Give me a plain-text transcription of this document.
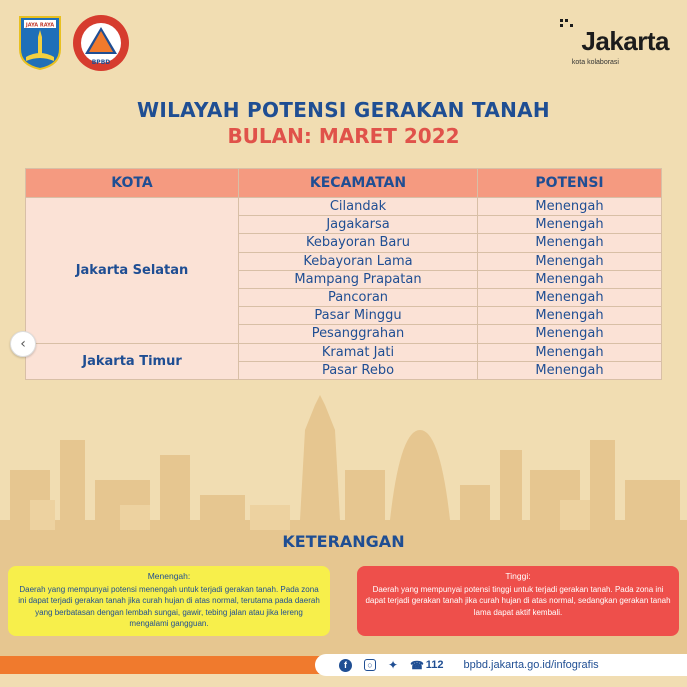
JAYA RAYA
BPBD
Jakarta
kota kolaborasi
WILAYAH POTENSI GERAKAN TANAH
BULAN: MARET 2022
KOTA	KECAMATAN	POTENSI
Jakarta Selatan	Cilandak	Menengah
	Jagakarsa	Menengah
	Kebayoran Baru	Menengah
	Kebayoran Lama	Menengah
	Mampang Prapatan	Menengah
	Pancoran	Menengah
	Pasar Minggu	Menengah
	Pesanggrahan	Menengah
Jakarta Timur	Kramat Jati	Menengah
	Pasar Rebo	Menengah
‹
KETERANGAN
Menengah:
Daerah yang mempunyai potensi menengah untuk terjadi gerakan tanah. Pada zona ini dapat terjadi gerakan tanah jika curah hujan di atas normal, terutama pada daerah yang berbatasan dengan lembah sungai, gawir, tebing jalan atau jika lereng mengalami gangguan.
Tinggi:
Daerah yang mempunyai potensi tinggi untuk terjadi gerakan tanah. Pada zona ini dapat terjadi gerakan tanah jika curah hujan di atas normal, sedangkan gerakan tanah lama dapat aktif kembali.
f	○ ✦ ☎ 112 bpbd.jakarta.go.id/infografis
